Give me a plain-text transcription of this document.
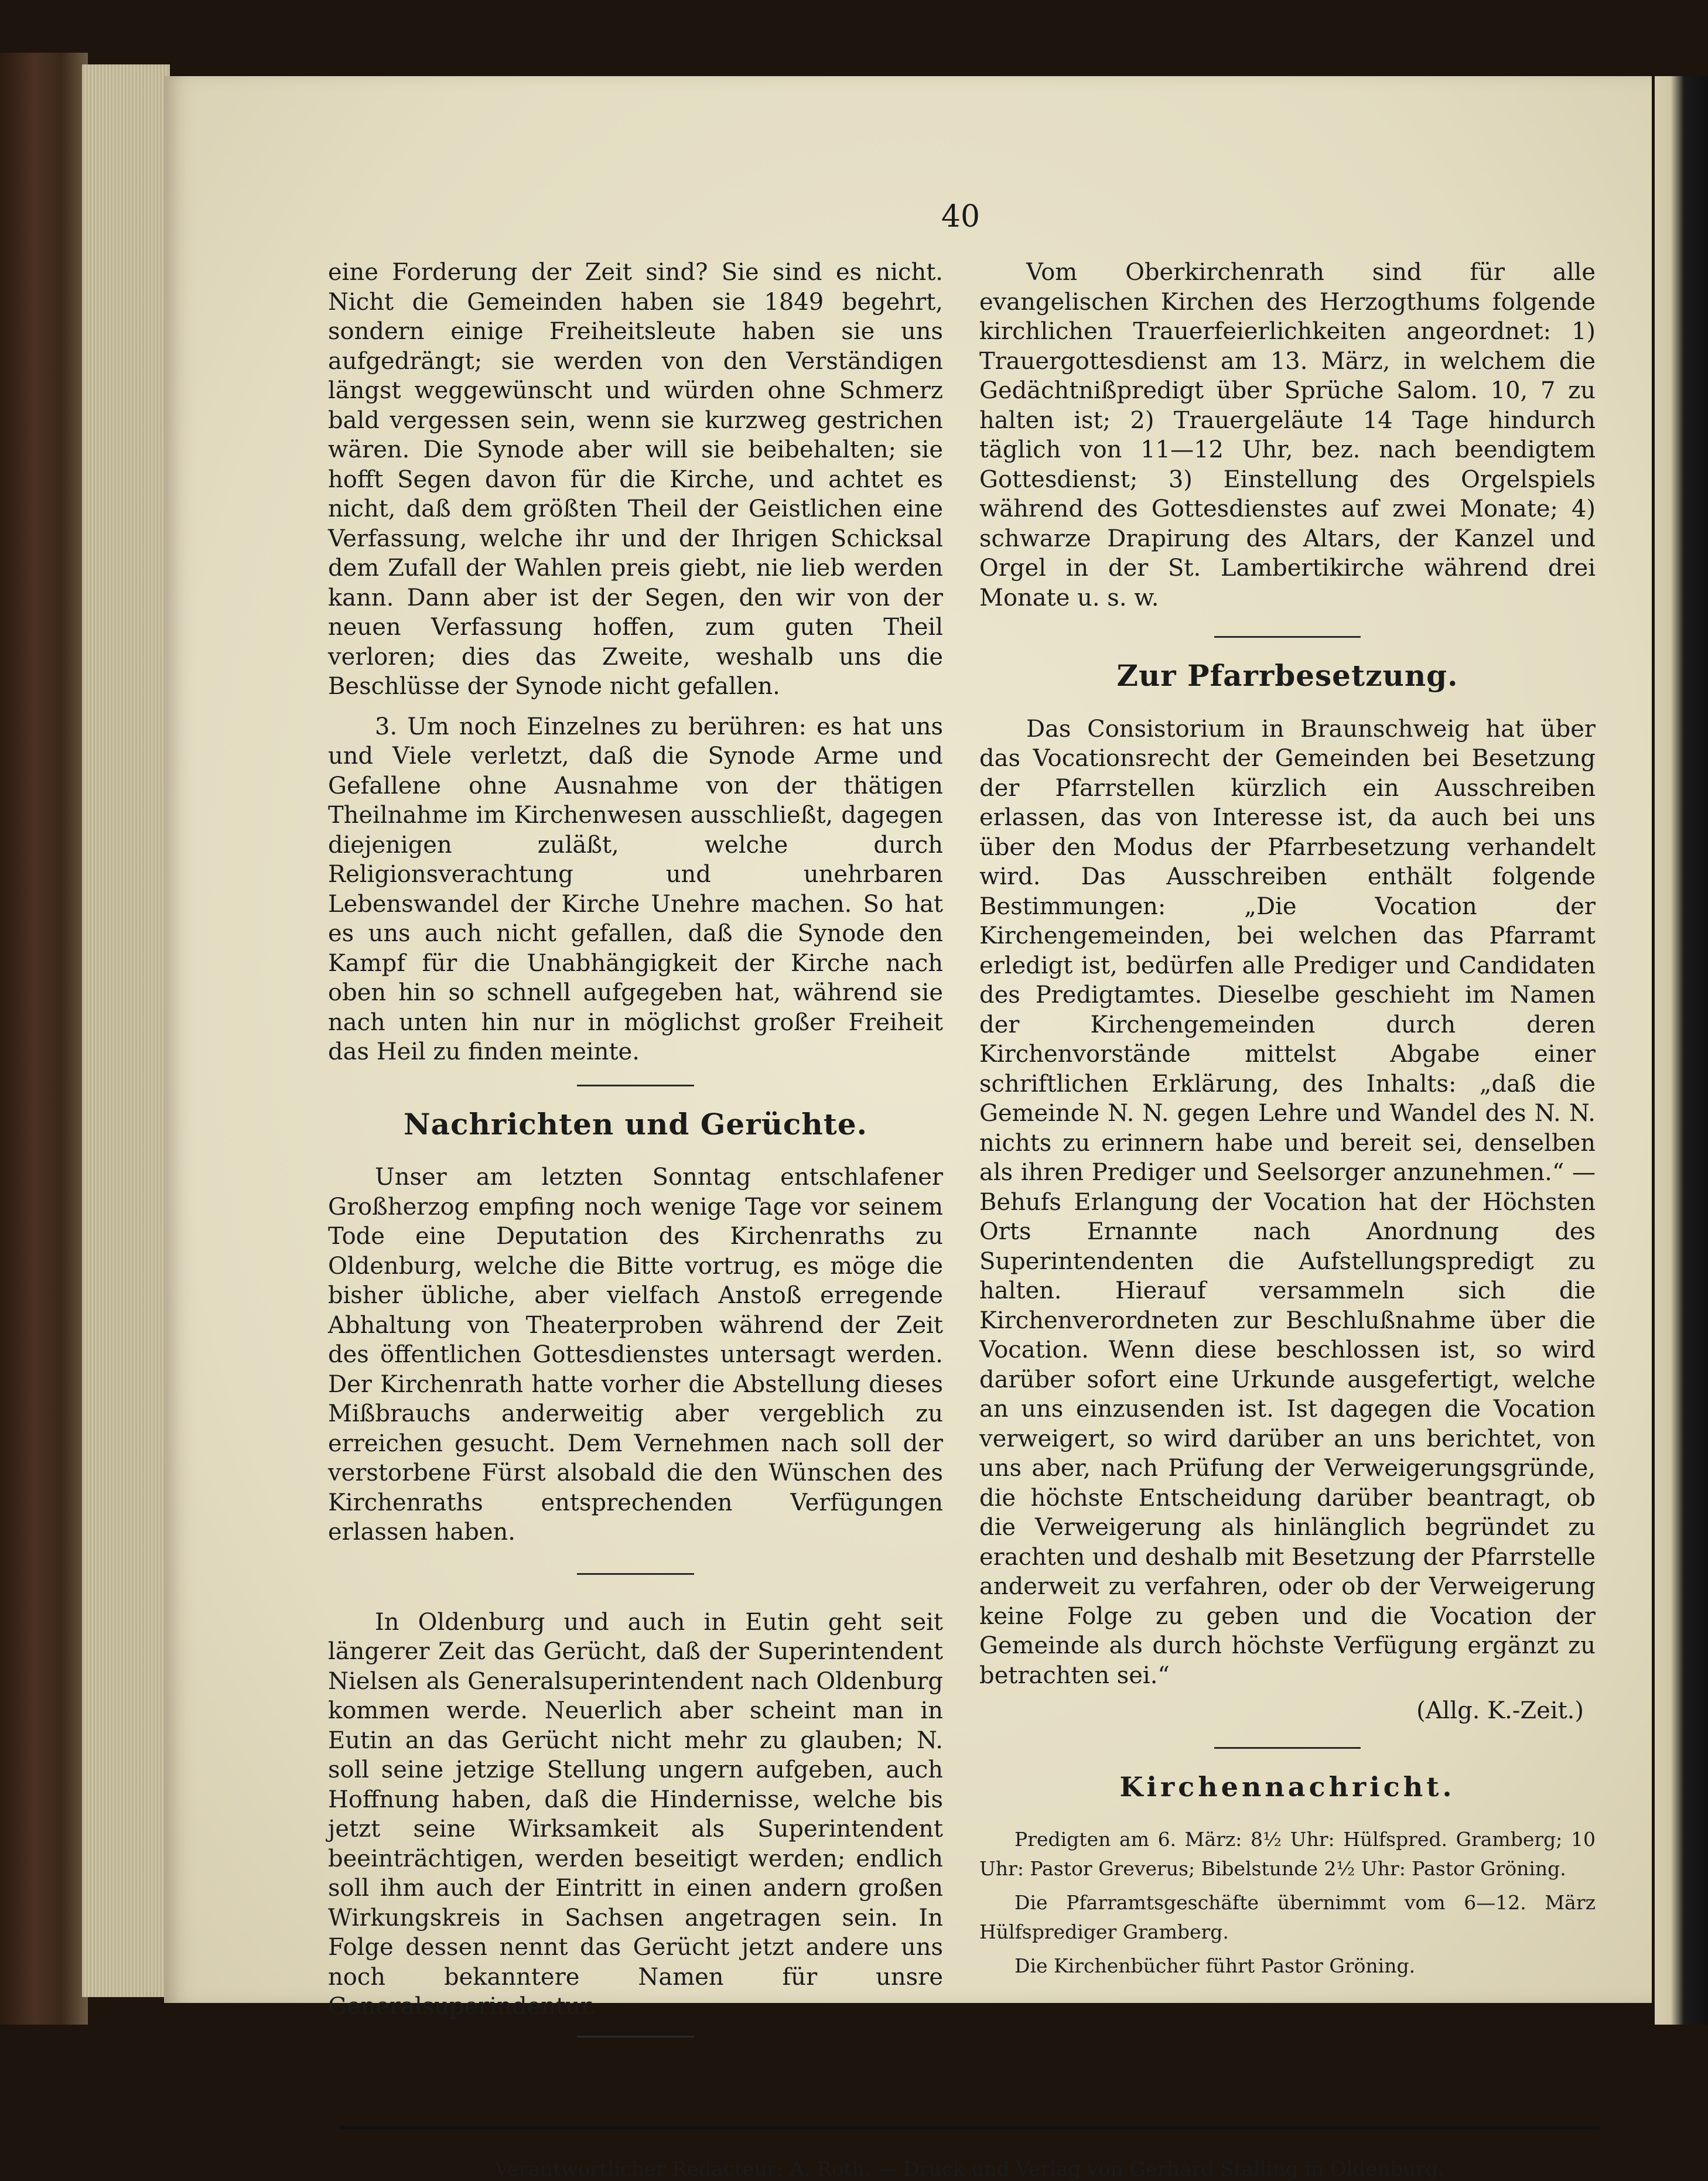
40

eine Forderung der Zeit sind? Sie sind es nicht. Nicht die Gemeinden haben sie 1849 begehrt, sondern einige Freiheitsleute haben sie uns aufgedrängt; sie werden von den Verständigen längst weggewünscht und würden ohne Schmerz bald vergessen sein, wenn sie kurzweg gestrichen wären. Die Synode aber will sie beibehalten; sie hofft Segen davon für die Kirche, und achtet es nicht, daß dem größten Theil der Geistlichen eine Verfassung, welche ihr und der Ihrigen Schicksal dem Zufall der Wahlen preis giebt, nie lieb werden kann. Dann aber ist der Segen, den wir von der neuen Verfassung hoffen, zum guten Theil verloren; dies das Zweite, weshalb uns die Beschlüsse der Synode nicht gefallen.

3. Um noch Einzelnes zu berühren: es hat uns und Viele verletzt, daß die Synode Arme und Gefallene ohne Ausnahme von der thätigen Theilnahme im Kirchenwesen ausschließt, dagegen diejenigen zuläßt, welche durch Religionsverachtung und unehrbaren Lebenswandel der Kirche Unehre machen. So hat es uns auch nicht gefallen, daß die Synode den Kampf für die Unabhängigkeit der Kirche nach oben hin so schnell aufgegeben hat, während sie nach unten hin nur in möglichst großer Freiheit das Heil zu finden meinte.

Nachrichten und Gerüchte.

Unser am letzten Sonntag entschlafener Großherzog empfing noch wenige Tage vor seinem Tode eine Deputation des Kirchenraths zu Oldenburg, welche die Bitte vortrug, es möge die bisher übliche, aber vielfach Anstoß erregende Abhaltung von Theaterproben während der Zeit des öffentlichen Gottesdienstes untersagt werden. Der Kirchenrath hatte vorher die Abstellung dieses Mißbrauchs anderweitig aber vergeblich zu erreichen gesucht. Dem Vernehmen nach soll der verstorbene Fürst alsobald die den Wünschen des Kirchenraths entsprechenden Verfügungen erlassen haben.

In Oldenburg und auch in Eutin geht seit längerer Zeit das Gerücht, daß der Superintendent Nielsen als Generalsuperintendent nach Oldenburg kommen werde. Neuerlich aber scheint man in Eutin an das Gerücht nicht mehr zu glauben; N. soll seine jetzige Stellung ungern aufgeben, auch Hoffnung haben, daß die Hindernisse, welche bis jetzt seine Wirksamkeit als Superintendent beeinträchtigen, werden beseitigt werden; endlich soll ihm auch der Eintritt in einen andern großen Wirkungskreis in Sachsen angetragen sein. In Folge dessen nennt das Gerücht jetzt andere uns noch bekanntere Namen für unsre Generalsuperindentur.

Vom Oberkirchenrath sind für alle evangelischen Kirchen des Herzogthums folgende kirchlichen Trauerfeierlichkeiten angeordnet: 1) Trauergottesdienst am 13. März, in welchem die Gedächtnißpredigt über Sprüche Salom. 10, 7 zu halten ist; 2) Trauergeläute 14 Tage hindurch täglich von 11—12 Uhr, bez. nach beendigtem Gottesdienst; 3) Einstellung des Orgelspiels während des Gottesdienstes auf zwei Monate; 4) schwarze Drapirung des Altars, der Kanzel und Orgel in der St. Lambertikirche während drei Monate u. s. w.

Zur Pfarrbesetzung.

Das Consistorium in Braunschweig hat über das Vocationsrecht der Gemeinden bei Besetzung der Pfarrstellen kürzlich ein Ausschreiben erlassen, das von Interesse ist, da auch bei uns über den Modus der Pfarrbesetzung verhandelt wird. Das Ausschreiben enthält folgende Bestimmungen: „Die Vocation der Kirchengemeinden, bei welchen das Pfarramt erledigt ist, bedürfen alle Prediger und Candidaten des Predigtamtes. Dieselbe geschieht im Namen der Kirchengemeinden durch deren Kirchenvorstände mittelst Abgabe einer schriftlichen Erklärung, des Inhalts: „daß die Gemeinde N. N. gegen Lehre und Wandel des N. N. nichts zu erinnern habe und bereit sei, denselben als ihren Prediger und Seelsorger anzunehmen.“ — Behufs Erlangung der Vocation hat der Höchsten Orts Ernannte nach Anordnung des Superintendenten die Aufstellungspredigt zu halten. Hierauf versammeln sich die Kirchenverordneten zur Beschlußnahme über die Vocation. Wenn diese beschlossen ist, so wird darüber sofort eine Urkunde ausgefertigt, welche an uns einzusenden ist. Ist dagegen die Vocation verweigert, so wird darüber an uns berichtet, von uns aber, nach Prüfung der Verweigerungsgründe, die höchste Entscheidung darüber beantragt, ob die Verweigerung als hinlänglich begründet zu erachten und deshalb mit Besetzung der Pfarrstelle anderweit zu verfahren, oder ob der Verweigerung keine Folge zu geben und die Vocation der Gemeinde als durch höchste Verfügung ergänzt zu betrachten sei.“

(Allg. K.-Zeit.)

Kirchennachricht.

Predigten am 6. März: 8½ Uhr: Hülfspred. Gramberg; 10 Uhr: Pastor Greverus; Bibelstunde 2½ Uhr: Pastor Gröning.

Die Pfarramtsgeschäfte übernimmt vom 6—12. März Hülfsprediger Gramberg.

Die Kirchenbücher führt Pastor Gröning.

Verantwortlicher Redacteur: A. Roth. — Druck und Verlag von Gerhard Stalling in Oldenburg.
